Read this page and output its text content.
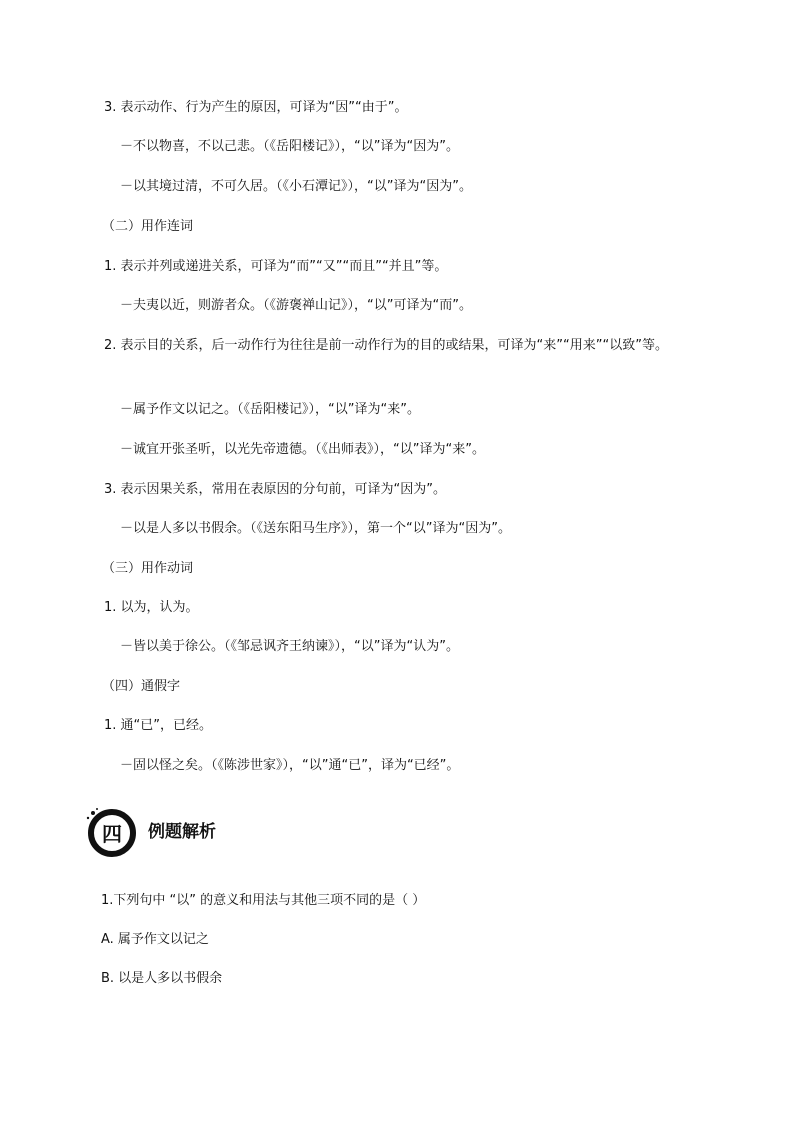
3. 表示动作、行为产生的原因，可译为“因”“由于”。
－不以物喜，不以己悲。（《岳阳楼记》），“以”译为“因为”。
－以其境过清，不可久居。（《小石潭记》），“以”译为“因为”。
（二）用作连词
1. 表示并列或递进关系，可译为“而”“又”“而且”“并且”等。
－夫夷以近，则游者众。（《游褒禅山记》），“以”可译为“而”。
2. 表示目的关系，后一动作行为往往是前一动作行为的目的或结果，可译为“来”“用来”“以致”等。
－属予作文以记之。（《岳阳楼记》），“以”译为“来”。
－诚宜开张圣听，以光先帝遗德。（《出师表》），“以”译为“来”。
3. 表示因果关系，常用在表原因的分句前，可译为“因为”。
－以是人多以书假余。（《送东阳马生序》），第一个“以”译为“因为”。
（三）用作动词
1. 以为，认为。
－皆以美于徐公。（《邹忌讽齐王纳谏》），“以”译为“认为”。
（四）通假字
1. 通“已”，已经。
－固以怪之矣。（《陈涉世家》），“以”通“已”，译为“已经”。
四 例题解析
1.下列句中 “以” 的意义和用法与其他三项不同的是（ ）
A. 属予作文以记之
B. 以是人多以书假余
